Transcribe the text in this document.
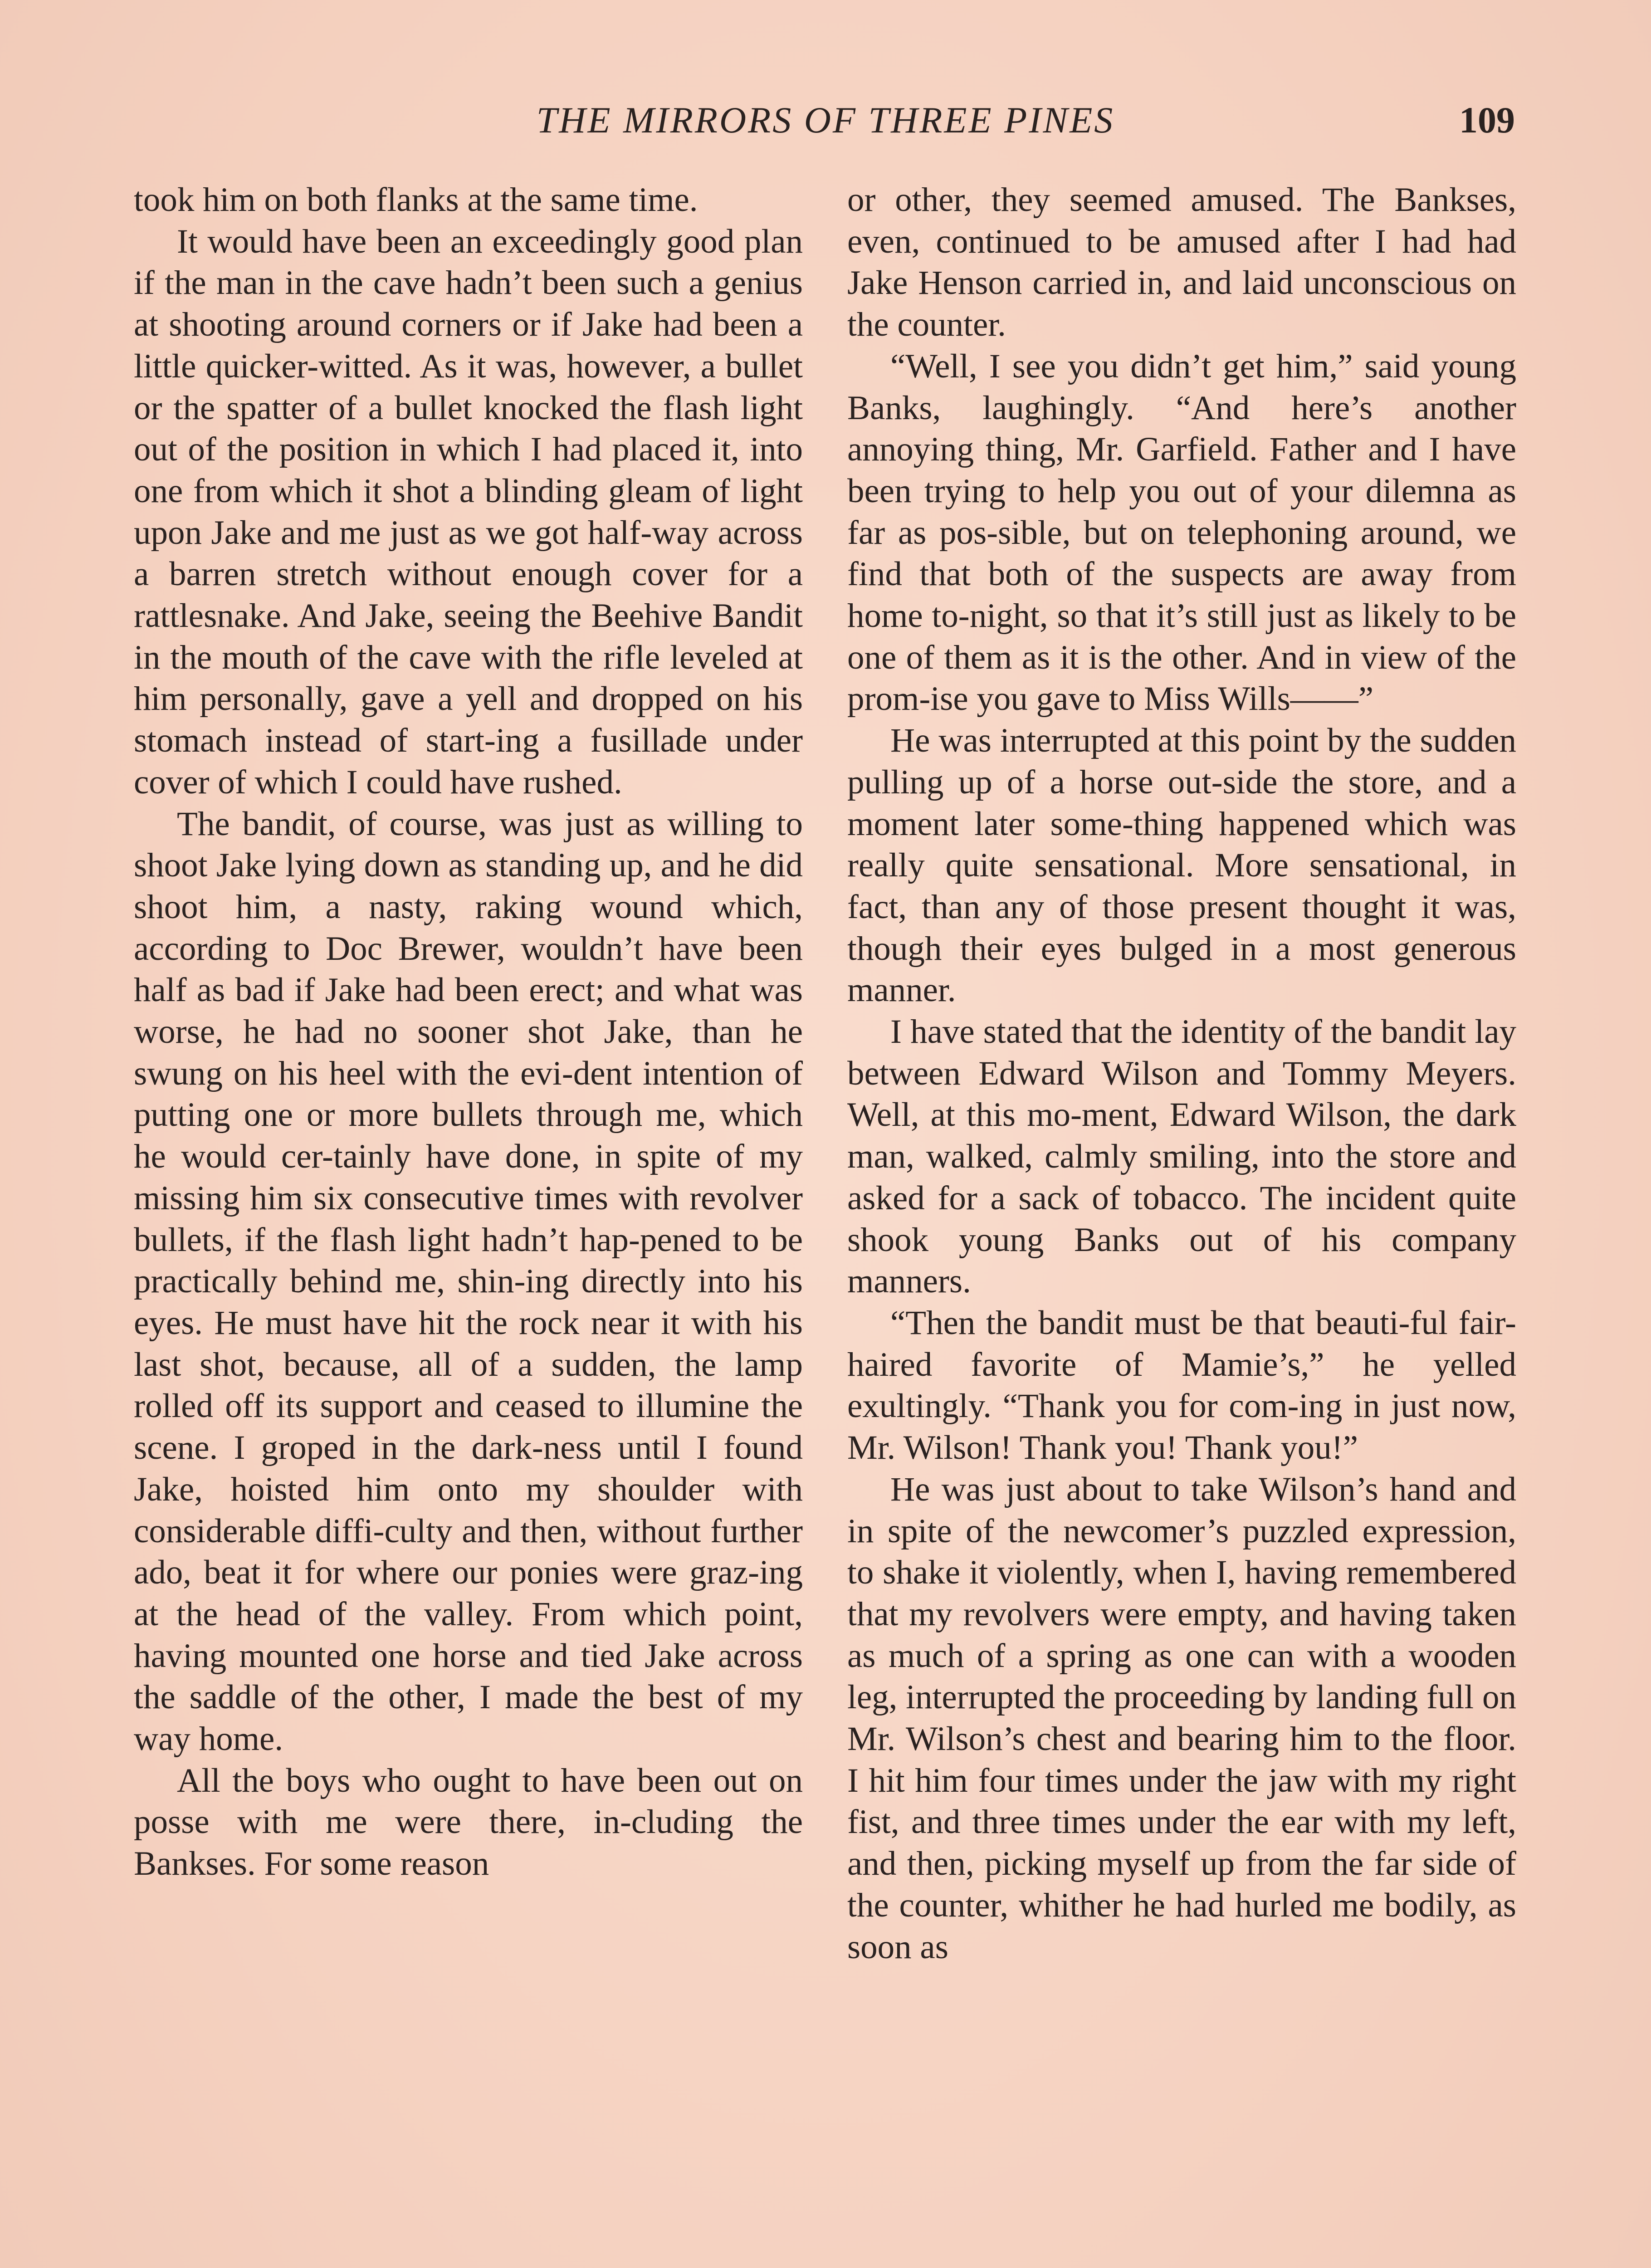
THE MIRRORS OF THREE PINES	109

took him on both flanks at the same time.

It would have been an exceedingly good plan if the man in the cave hadn’t been such a genius at shooting around corners or if Jake had been a little quicker-witted. As it was, however, a bullet or the spatter of a bullet knocked the flash light out of the position in which I had placed it, into one from which it shot a blinding gleam of light upon Jake and me just as we got half-way across a barren stretch without enough cover for a rattlesnake. And Jake, seeing the Beehive Bandit in the mouth of the cave with the rifle leveled at him personally, gave a yell and dropped on his stomach instead of start-ing a fusillade under cover of which I could have rushed.

The bandit, of course, was just as willing to shoot Jake lying down as standing up, and he did shoot him, a nasty, raking wound which, according to Doc Brewer, wouldn’t have been half as bad if Jake had been erect; and what was worse, he had no sooner shot Jake, than he swung on his heel with the evi-dent intention of putting one or more bullets through me, which he would cer-tainly have done, in spite of my missing him six consecutive times with revolver bullets, if the flash light hadn’t hap-pened to be practically behind me, shin-ing directly into his eyes. He must have hit the rock near it with his last shot, because, all of a sudden, the lamp rolled off its support and ceased to illumine the scene. I groped in the dark-ness until I found Jake, hoisted him onto my shoulder with considerable diffi-culty and then, without further ado, beat it for where our ponies were graz-ing at the head of the valley. From which point, having mounted one horse and tied Jake across the saddle of the other, I made the best of my way home.

All the boys who ought to have been out on posse with me were there, in-cluding the Bankses. For some reason

or other, they seemed amused. The Bankses, even, continued to be amused after I had had Jake Henson carried in, and laid unconscious on the counter.

“Well, I see you didn’t get him,” said young Banks, laughingly. “And here’s another annoying thing, Mr. Garfield. Father and I have been trying to help you out of your dilemna as far as pos-sible, but on telephoning around, we find that both of the suspects are away from home to-night, so that it’s still just as likely to be one of them as it is the other. And in view of the prom-ise you gave to Miss Wills——”

He was interrupted at this point by the sudden pulling up of a horse out-side the store, and a moment later some-thing happened which was really quite sensational. More sensational, in fact, than any of those present thought it was, though their eyes bulged in a most generous manner.

I have stated that the identity of the bandit lay between Edward Wilson and Tommy Meyers. Well, at this mo-ment, Edward Wilson, the dark man, walked, calmly smiling, into the store and asked for a sack of tobacco. The incident quite shook young Banks out of his company manners.

“Then the bandit must be that beauti-ful fair-haired favorite of Mamie’s,” he yelled exultingly. “Thank you for com-ing in just now, Mr. Wilson! Thank you! Thank you!”

He was just about to take Wilson’s hand and in spite of the newcomer’s puzzled expression, to shake it violently, when I, having remembered that my revolvers were empty, and having taken as much of a spring as one can with a wooden leg, interrupted the proceeding by landing full on Mr. Wilson’s chest and bearing him to the floor. I hit him four times under the jaw with my right fist, and three times under the ear with my left, and then, picking myself up from the far side of the counter, whither he had hurled me bodily, as soon as
